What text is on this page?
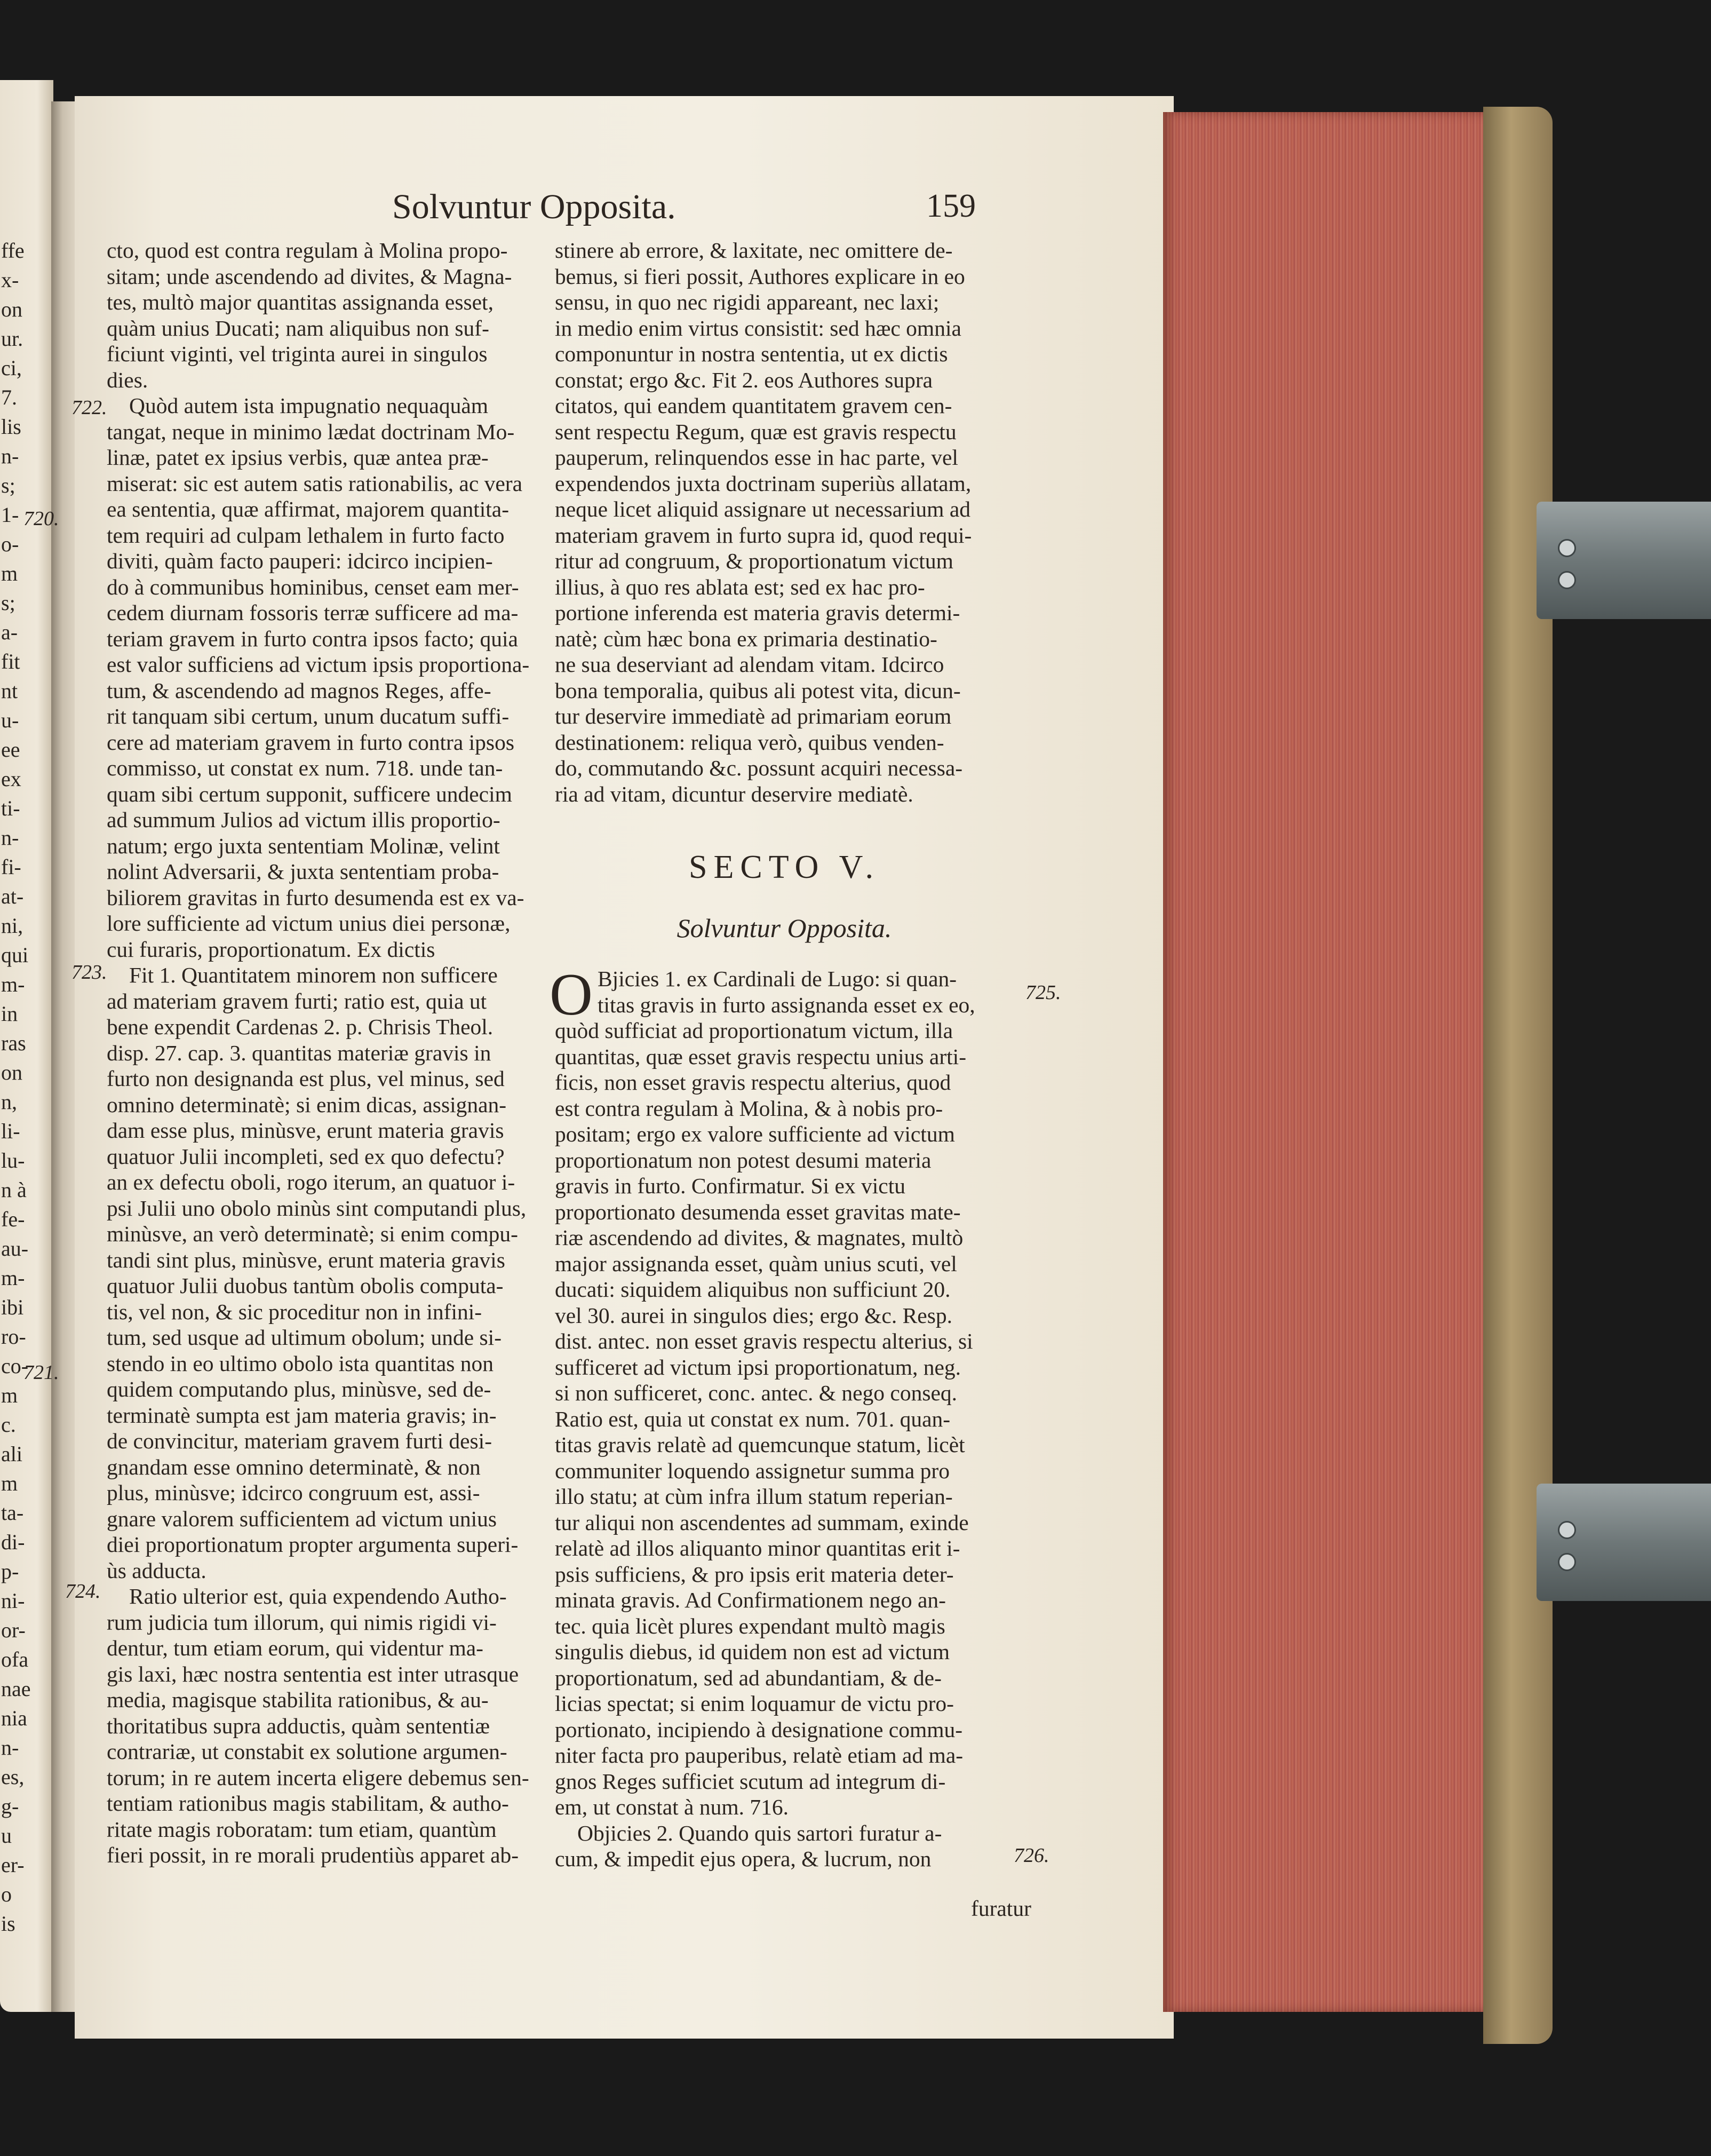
ffe
x-
on
ur.
ci,
7.
lis
n-
s;
1-
o-
m
s;
a-
fit
nt
u-
ee
ex
ti-
n-
fi-
at-
ni,
qui
m-
in
ras
on
n,
li-
lu-
n à
fe-
au-
m-
ibi
ro-
co-
m
c.
ali
m
ta-
di-
p-
ni-
or-
ofa
nae
nia
n-
es,
g-
u
er-
o
is
Solvuntur Opposita.	159
cto, quod est contra regulam à Molina propo-
sitam; unde ascendendo ad divites, & Magna-
tes, multò major quantitas assignanda esset,
quàm unius Ducati; nam aliquibus non suf-
ficiunt viginti, vel triginta aurei in singulos
dies.
Quòd autem ista impugnatio nequaquàm
tangat, neque in minimo lædat doctrinam Mo-
linæ, patet ex ipsius verbis, quæ antea præ-
miserat: sic est autem satis rationabilis, ac vera
ea sententia, quæ affirmat, majorem quantita-
tem requiri ad culpam lethalem in furto facto
diviti, quàm facto pauperi: idcirco incipien-
do à communibus hominibus, censet eam mer-
cedem diurnam fossoris terræ sufficere ad ma-
teriam gravem in furto contra ipsos facto; quia
est valor sufficiens ad victum ipsis proportiona-
tum, & ascendendo ad magnos Reges, affe-
rit tanquam sibi certum, unum ducatum suffi-
cere ad materiam gravem in furto contra ipsos
commisso, ut constat ex num. 718. unde tan-
quam sibi certum supponit, sufficere undecim
ad summum Julios ad victum illis proportio-
natum; ergo juxta sententiam Molinæ, velint
nolint Adversarii, & juxta sententiam proba-
biliorem gravitas in furto desumenda est ex va-
lore sufficiente ad victum unius diei personæ,
cui furaris, proportionatum. Ex dictis
Fit 1. Quantitatem minorem non sufficere
ad materiam gravem furti; ratio est, quia ut
bene expendit Cardenas 2. p. Chrisis Theol.
disp. 27. cap. 3. quantitas materiæ gravis in
furto non designanda est plus, vel minus, sed
omnino determinatè; si enim dicas, assignan-
dam esse plus, minùsve, erunt materia gravis
quatuor Julii incompleti, sed ex quo defectu?
an ex defectu oboli, rogo iterum, an quatuor i-
psi Julii uno obolo minùs sint computandi plus,
minùsve, an verò determinatè; si enim compu-
tandi sint plus, minùsve, erunt materia gravis
quatuor Julii duobus tantùm obolis computa-
tis, vel non, & sic proceditur non in infini-
tum, sed usque ad ultimum obolum; unde si-
stendo in eo ultimo obolo ista quantitas non
quidem computando plus, minùsve, sed de-
terminatè sumpta est jam materia gravis; in-
de convincitur, materiam gravem furti desi-
gnandam esse omnino determinatè, & non
plus, minùsve; idcirco congruum est, assi-
gnare valorem sufficientem ad victum unius
diei proportionatum propter argumenta superi-
ùs adducta.
Ratio ulterior est, quia expendendo Autho-
rum judicia tum illorum, qui nimis rigidi vi-
dentur, tum etiam eorum, qui videntur ma-
gis laxi, hæc nostra sententia est inter utrasque
media, magisque stabilita rationibus, & au-
thoritatibus supra adductis, quàm sententiæ
contrariæ, ut constabit ex solutione argumen-
torum; in re autem incerta eligere debemus sen-
tentiam rationibus magis stabilitam, & autho-
ritate magis roboratam: tum etiam, quantùm
fieri possit, in re morali prudentiùs apparet ab-
stinere ab errore, & laxitate, nec omittere de-
bemus, si fieri possit, Authores explicare in eo
sensu, in quo nec rigidi appareant, nec laxi;
in medio enim virtus consistit: sed hæc omnia
componuntur in nostra sententia, ut ex dictis
constat; ergo &c. Fit 2. eos Authores supra
citatos, qui eandem quantitatem gravem cen-
sent respectu Regum, quæ est gravis respectu
pauperum, relinquendos esse in hac parte, vel
expendendos juxta doctrinam superiùs allatam,
neque licet aliquid assignare ut necessarium ad
materiam gravem in furto supra id, quod requi-
ritur ad congruum, & proportionatum victum
illius, à quo res ablata est; sed ex hac pro-
portione inferenda est materia gravis determi-
natè; cùm hæc bona ex primaria destinatio-
ne sua deserviant ad alendam vitam. Idcirco
bona temporalia, quibus ali potest vita, dicun-
tur deservire immediatè ad primariam eorum
destinationem: reliqua verò, quibus venden-
do, commutando &c. possunt acquiri necessa-
ria ad vitam, dicuntur deservire mediatè.
SECTO V.
Solvuntur Opposita.
O Bjicies 1. ex Cardinali de Lugo: si quan-
titas gravis in furto assignanda esset ex eo,
quòd sufficiat ad proportionatum victum, illa
quantitas, quæ esset gravis respectu unius arti-
ficis, non esset gravis respectu alterius, quod
est contra regulam à Molina, & à nobis pro-
positam; ergo ex valore sufficiente ad victum
proportionatum non potest desumi materia
gravis in furto. Confirmatur. Si ex victu
proportionato desumenda esset gravitas mate-
riæ ascendendo ad divites, & magnates, multò
major assignanda esset, quàm unius scuti, vel
ducati: siquidem aliquibus non sufficiunt 20.
vel 30. aurei in singulos dies; ergo &c. Resp.
dist. antec. non esset gravis respectu alterius, si
sufficeret ad victum ipsi proportionatum, neg.
si non sufficeret, conc. antec. & nego conseq.
Ratio est, quia ut constat ex num. 701. quan-
titas gravis relatè ad quemcunque statum, licèt
communiter loquendo assignetur summa pro
illo statu; at cùm infra illum statum reperian-
tur aliqui non ascendentes ad summam, exinde
relatè ad illos aliquanto minor quantitas erit i-
psis sufficiens, & pro ipsis erit materia deter-
minata gravis. Ad Confirmationem nego an-
tec. quia licèt plures expendant multò magis
singulis diebus, id quidem non est ad victum
proportionatum, sed ad abundantiam, & de-
licias spectat; si enim loquamur de victu pro-
portionato, incipiendo à designatione commu-
niter facta pro pauperibus, relatè etiam ad ma-
gnos Reges sufficiet scutum ad integrum di-
em, ut constat à num. 716.
Objicies 2. Quando quis sartori furatur a-
cum, & impedit ejus opera, & lucrum, non
furatur
722.
720.
723.
721.
724.
725.
726.
